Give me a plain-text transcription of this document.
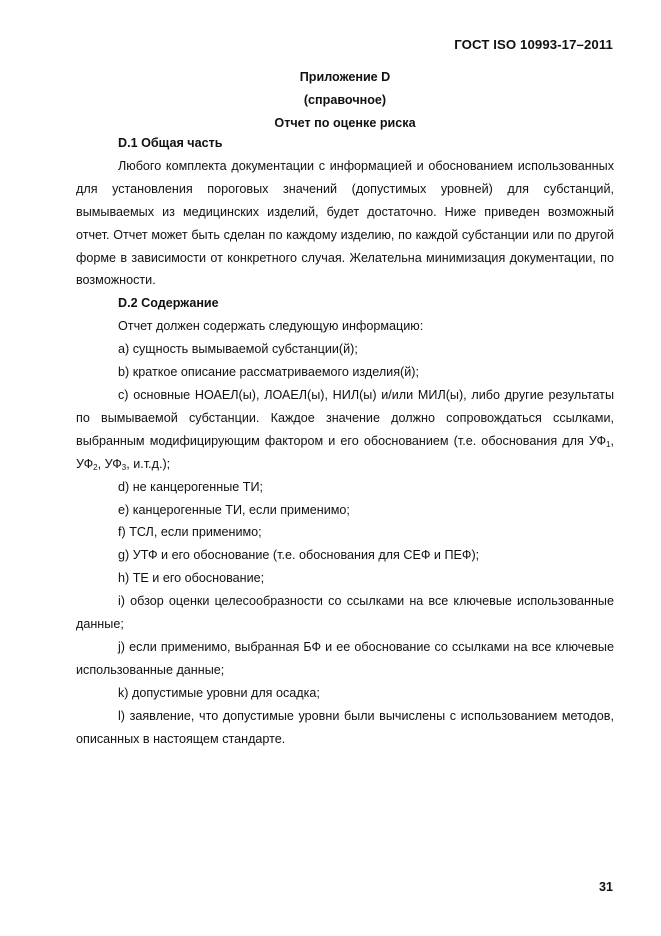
ГОСТ ISO 10993-17–2011
Приложение D
(справочное)
Отчет по оценке риска

D.1 Общая часть

Любого комплекта документации с информацией и обоснованием использованных для установления пороговых значений (допустимых уровней) для субстанций, вымываемых из медицинских изделий, будет достаточно. Ниже приведен возможный отчет. Отчет может быть сделан по каждому изделию, по каждой субстанции или по другой форме в зависимости от конкретного случая. Желательна минимизация документации, по возможности.

D.2 Содержание

Отчет должен содержать следующую информацию:

а) сущность вымываемой субстанции(й);

b) краткое описание рассматриваемого изделия(й);

с) основные НОАЕЛ(ы), ЛОАЕЛ(ы), НИЛ(ы) и/или МИЛ(ы), либо другие результаты по вымываемой субстанции. Каждое значение должно сопровождаться ссылками, выбранным модифицирующим фактором и его обоснованием (т.е. обоснования для $УФ_1$, $УФ_2$, $УФ_3$, и.т.д.);

d) не канцерогенные ТИ;

е) канцерогенные ТИ, если применимо;

f) ТСЛ, если применимо;

g) УТФ и его обоснование (т.е. обоснования для СЕФ и ПЕФ);

h) ТЕ и его обоснование;

i) обзор оценки целесообразности со ссылками на все ключевые использованные данные;

j) если применимо, выбранная БФ и ее обоснование со ссылками на все ключевые использованные данные;

k) допустимые уровни для осадка;

l) заявление, что допустимые уровни были вычислены с использованием методов, описанных в настоящем стандарте.

31
